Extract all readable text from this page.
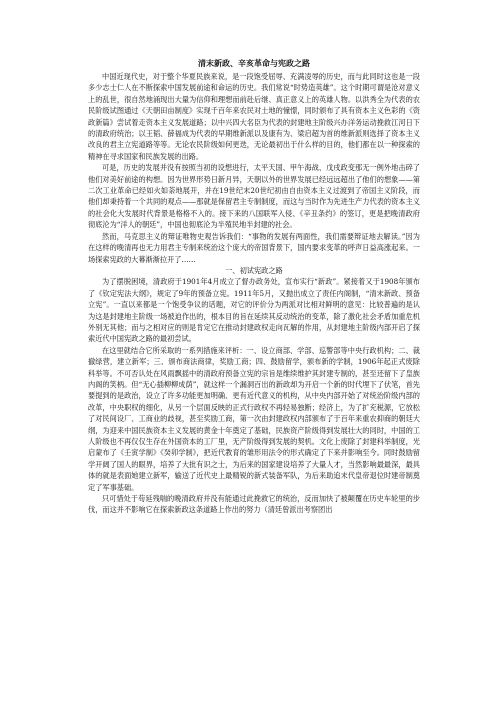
清末新政、辛亥革命与宪政之路

中国近现代史，对于整个华夏民族来说，是一段饱受屈辱、充满凌辱的历史，而与此同时这也是一段多少志士仁人在不断探索中国发展前途和命运的历史。我们常说“时势造英雄”。这个时期可谓是沧对意义上的乱世，很自然地涌现出大量为信仰和理想而前赴后继、真正意义上的英雄人物。以洪秀全为代表的农民阶级试图通过《天朝田亩制度》实现千百年来农民对土地的憧憬，同时颁布了具有资本主义色彩的《资政新篇》尝试着走资本主义发展道路；以中兴四大名臣为代表的封建地主阶级兴办洋务运动挽救江河日下的清政府统治；以王韬、薛福成为代表的早期维新派以及康有为、梁启超为首的维新派则选择了资本主义改良的君主立宪道路等等。无论农民阶级如何更迭，无论最初出于什么样的目的，他们都在以一种探索的精神在寻求国家和民族发展的出路。

可是，历史的发展并没有按照当初的设想进行，太平天国、甲午海战、戊戌政变那无一例外地击碎了他们对美好前途的构想。因为世界形势日新月异，天朝以外的世界发展已经远远超出了他们的想象——第二次工业革命已经如火如荼地展开，并在19世纪末20世纪初由自由资本主义过渡到了帝国主义阶段，而他们却秉持着一个共同的观点——那就是保留君主专制制度，而这与当时作为先进生产力代表的资本主义的社会化大发展时代背景是格格不入的。接下来的八国联军入侵、《辛丑条约》的签订，更是把晚清政府彻底沦为“洋人的朝廷”，中国也彻底沦为半殖民地半封建的社会。

然而，马克思主义的辩证唯物史观告诉我们：“事物的发展有两面性，我们需要辩证地去解读。”因为在这样的晚清再也无力用君主专制来统治这个庞大的帝国背景下，国内要求变革的呼声日益高涨起来。一场探索宪政的大幕渐渐拉开了……

一、初试宪政之路

为了摆脱困境，清政府于1901年4月成立了督办政务处，宣布实行“新政”。紧接着又于1908年颁布了《钦定宪法大纲》，规定了9年的预备立宪。1911年5月，又抛出成立了责任内阁制，“清末新政、预备立宪”。一直以来都是一个饱受争议的话题，对它的评价分为两派对比相对鲜明的意见：比较普遍的是认为这是封建地主阶级一场被迫作出的，根本目的旨在延续其反动统治的变革，除了激化社会矛盾加重危机外别无其他；而与之相对应的则是肯定它在推动封建政权走向瓦解的作用，从封建地主阶级内部开启了探索近代中国宪政之路的最初尝试。

在这里就结合它所采取的一系列措施来评析：一、设立商部、学部、巡警部等中央行政机构；二、裁撤绿营，建立新军；三、颁布商法商律，奖励工商；四、鼓励留学，颁布新的学制，1906年起正式废除科举等。不可否认处在风雨飘摇中的清政府预备立宪的宗旨是维续维护其封建专制的，甚至还留下了皇族内阁的笑柄。但“无心插柳柳成荫”，就这样一个漏洞百出的新政却为开启一个新的时代埋下了伏笔，首先要提到的是政治，设立了许多功能更加明确、更有近代意义的机构，从中央内部开始了对统治阶级内部的改革，中央职权的细化，从另一个层面反映的正式行政权不再轻易独断；经济上，为了扩充税源，它放松了对民间设厂、工商业的歧视，甚至奖励工商，第一次由封建政权内部颁布了于百年来重农抑商的朝廷大纲，为迎来中国民族资本主义发展的黄金十年奠定了基础，民族资产阶级得到发展壮大的同时，中国的工人阶级也不再仅仅生存在外国资本的工厂里，无产阶级得到发展的契机。文化上废除了封建科举制度，光启蒙布了《壬寅学制》《癸卯学制》，把近代教育的雏形用法令的形式确定了下来并影响至今。同时鼓励留学开阔了国人的眼界，培养了大批有识之士，为后来的国家建设培养了大量人才，当然影响最最深，最具体的就是表面她建立新军，输送了近代史上最精锐的新式装备军队，为后来助追末代皇帝退位时建帝制奠定了军事基础。

只可惜处于苟延残喘的晚清政府并没有能通过此挽救它的统治，反而加快了被颠覆在历史车轮里的步伐，而这并不影响它在探索新政这条道路上作出的努力（清廷曾派出考察团出
